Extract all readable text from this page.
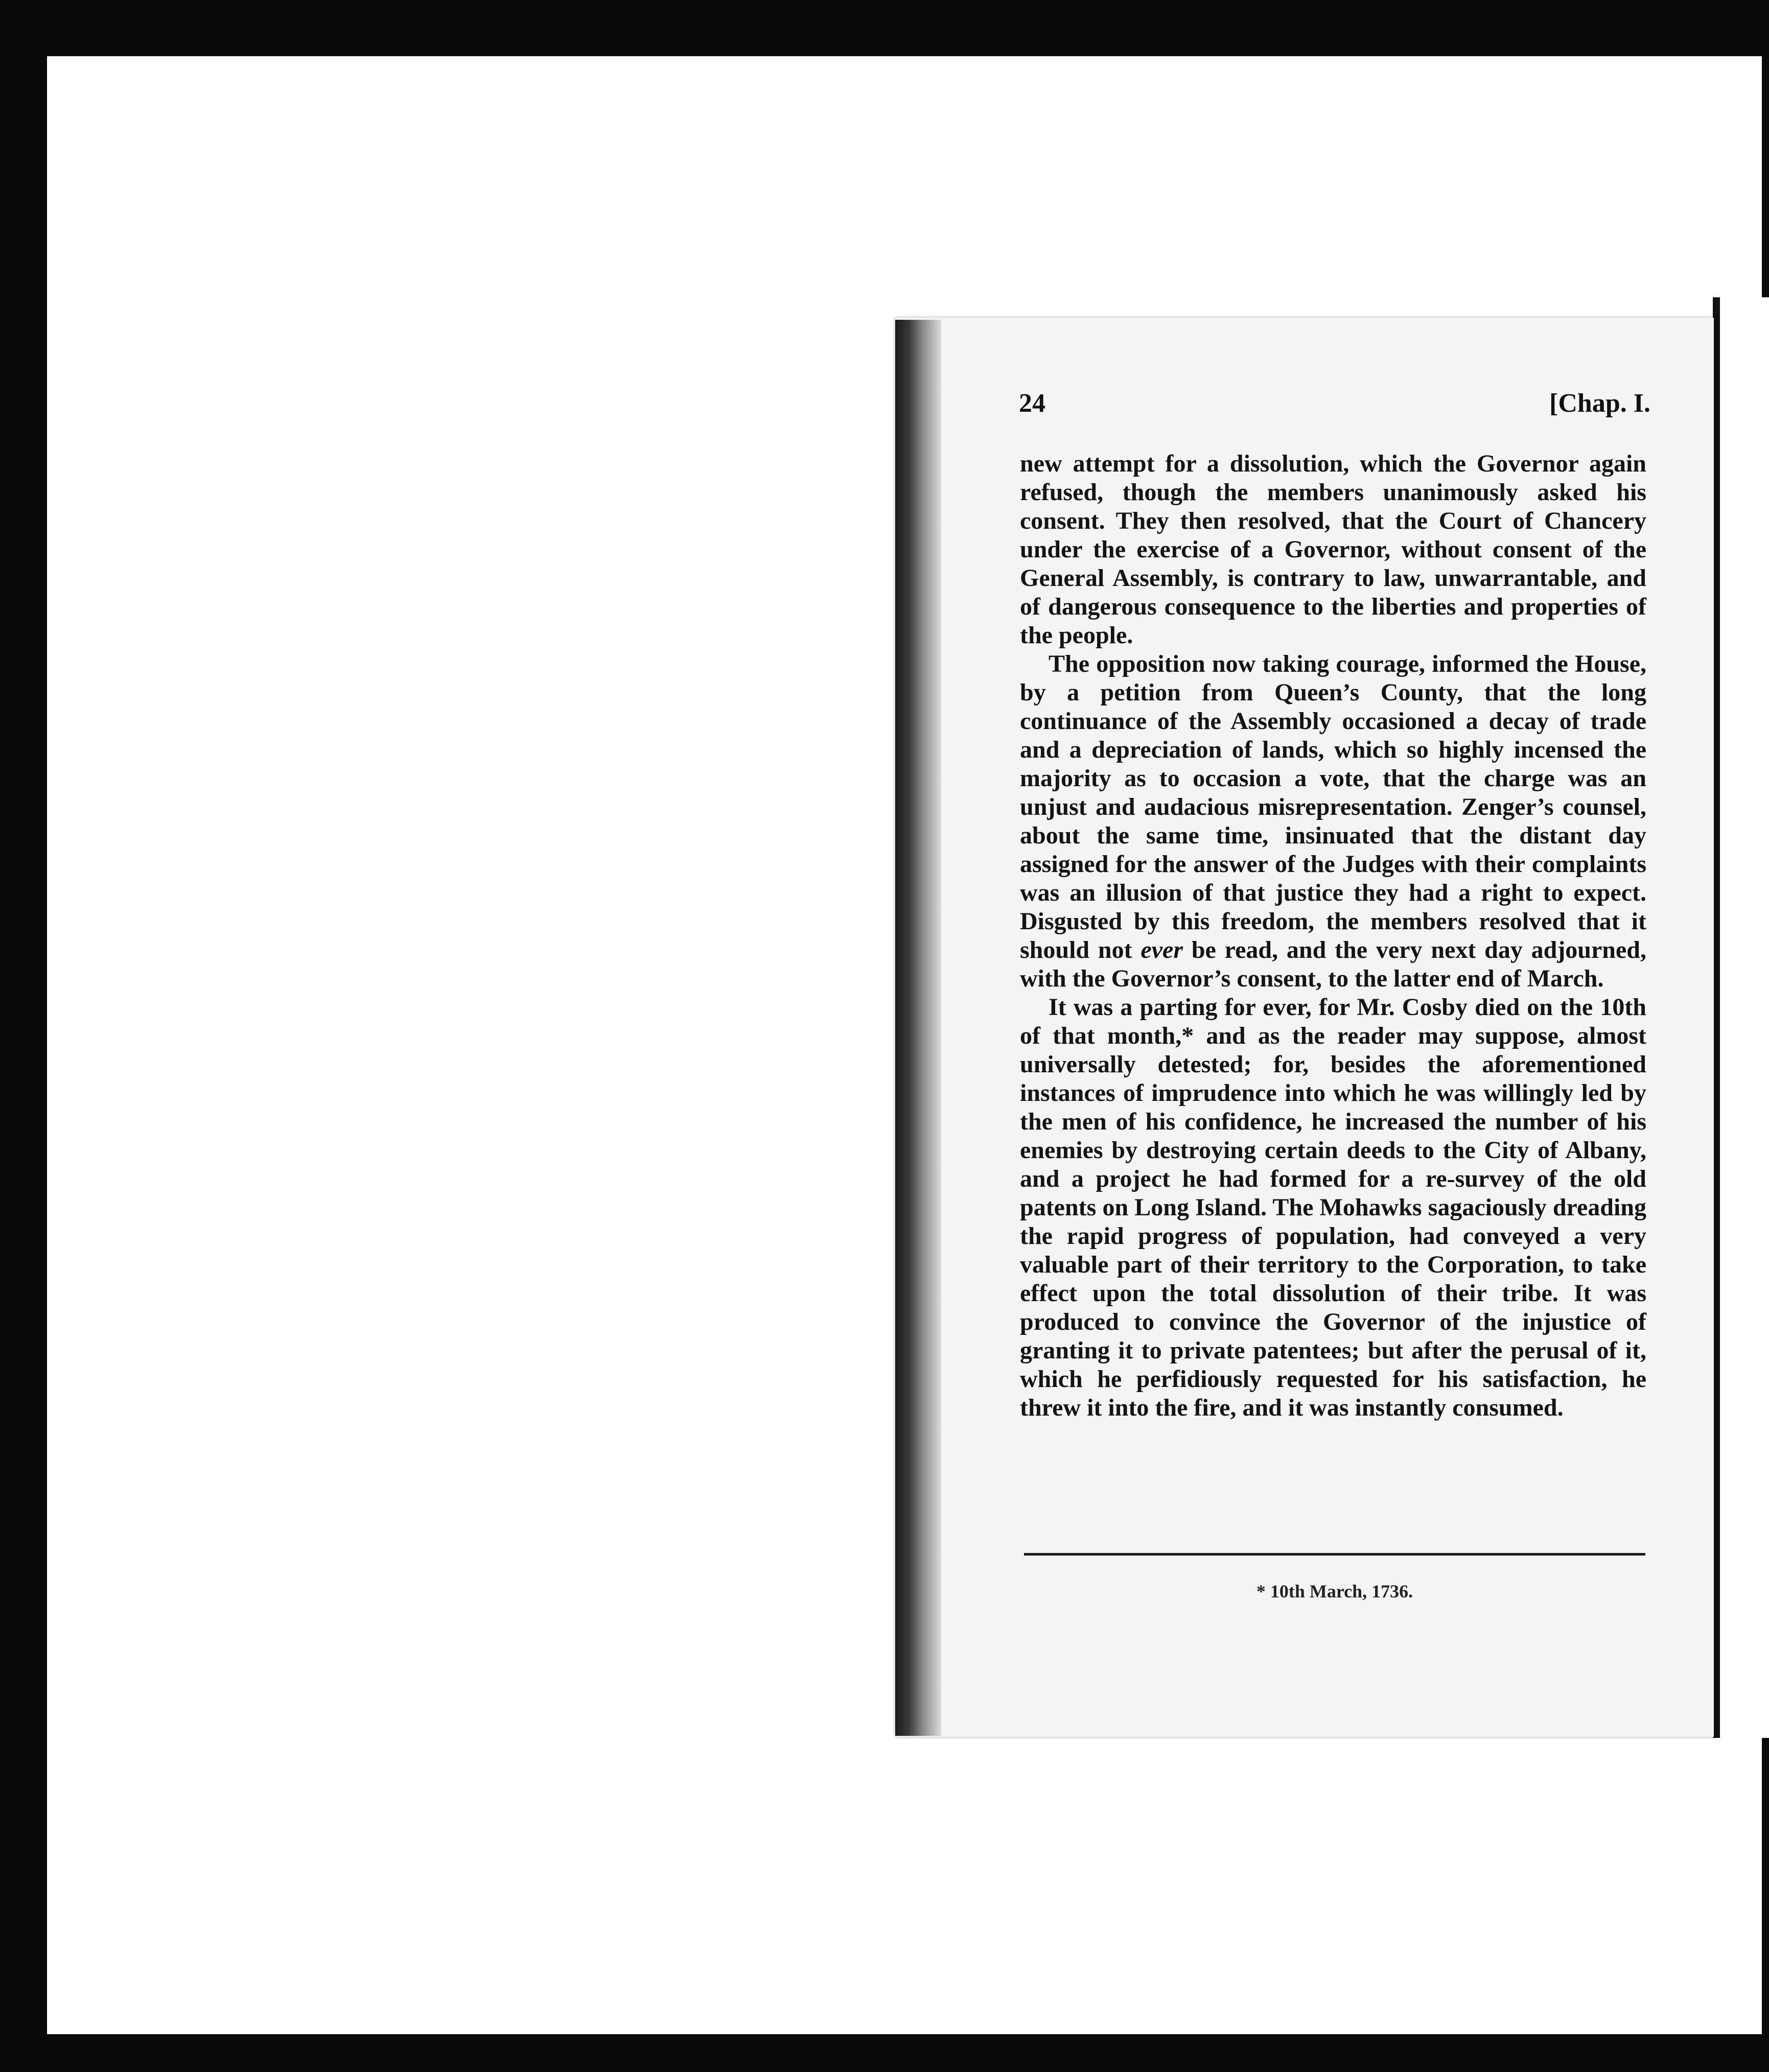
24	[Chap. I.

new attempt for a dissolution, which the Governor again refused, though the members unanimously asked his consent. They then resolved, that the Court of Chancery under the exercise of a Governor, without consent of the General Assembly, is contrary to law, unwarrantable, and of dangerous consequence to the liberties and properties of the people.

The opposition now taking courage, informed the House, by a petition from Queen’s County, that the long continuance of the Assembly occasioned a decay of trade and a depreciation of lands, which so highly incensed the majority as to occasion a vote, that the charge was an unjust and audacious misrepresentation. Zenger’s counsel, about the same time, insinuated that the distant day assigned for the answer of the Judges with their complaints was an illusion of that justice they had a right to expect. Disgusted by this freedom, the members resolved that it should not ever be read, and the very next day adjourned, with the Governor’s consent, to the latter end of March.

It was a parting for ever, for Mr. Cosby died on the 10th of that month,* and as the reader may suppose, almost universally detested; for, besides the aforementioned instances of imprudence into which he was willingly led by the men of his confidence, he increased the number of his enemies by destroying certain deeds to the City of Albany, and a project he had formed for a re-survey of the old patents on Long Island. The Mohawks sagaciously dreading the rapid progress of population, had conveyed a very valuable part of their territory to the Corporation, to take effect upon the total dissolution of their tribe. It was produced to convince the Governor of the injustice of granting it to private patentees; but after the perusal of it, which he perfidiously requested for his satisfaction, he threw it into the fire, and it was instantly consumed.

* 10th March, 1736.
